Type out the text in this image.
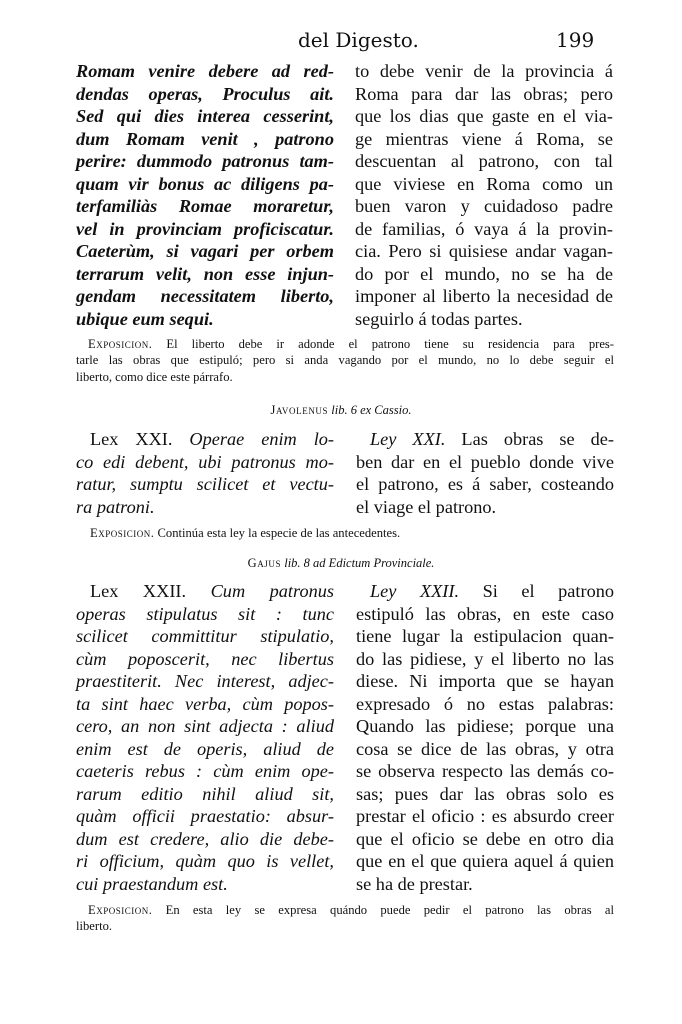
del Digesto.	199
Romam venire debere ad red-
dendas operas, Proculus ait.
Sed qui dies interea cesserint,
dum Romam venit , patrono
perire: dummodo patronus tam-
quam vir bonus ac diligens pa-
terfamiliàs Romae moraretur,
vel in provinciam proficiscatur.
Caeterùm, si vagari per orbem
terrarum velit, non esse injun-
gendam necessitatem liberto,
ubique eum sequi.
to debe venir de la provincia á
Roma para dar las obras; pero
que los dias que gaste en el via-
ge mientras viene á Roma, se
descuentan al patrono, con tal
que viviese en Roma como un
buen varon y cuidadoso padre
de familias, ó vaya á la provin-
cia. Pero si quisiese andar vagan-
do por el mundo, no se ha de
imponer al liberto la necesidad de
seguirlo á todas partes.
Exposicion. El liberto debe ir adonde el patrono tiene su residencia para pres-
tarle las obras que estipuló; pero si anda vagando por el mundo, no lo debe seguir el
liberto, como dice este párrafo.
Javolenus lib. 6 ex Cassio.
Lex XXI. Operae enim lo-
co edi debent, ubi patronus mo-
ratur, sumptu scilicet et vectu-
ra patroni.
Ley XXI. Las obras se de-
ben dar en el pueblo donde vive
el patrono, es á saber, costeando
el viage el patrono.
Exposicion. Continúa esta ley la especie de las antecedentes.
Gajus lib. 8 ad Edictum Provinciale.
Lex XXII. Cum patronus
operas stipulatus sit : tunc
scilicet committitur stipulatio,
cùm poposcerit, nec libertus
praestiterit. Nec interest, adjec-
ta sint haec verba, cùm popos-
cero, an non sint adjecta : aliud
enim est de operis, aliud de
caeteris rebus : cùm enim ope-
rarum editio nihil aliud sit,
quàm officii praestatio: absur-
dum est credere, alio die debe-
ri officium, quàm quo is vellet,
cui praestandum est.
Ley XXII. Si el patrono
estipuló las obras, en este caso
tiene lugar la estipulacion quan-
do las pidiese, y el liberto no las
diese. Ni importa que se hayan
expresado ó no estas palabras:
Quando las pidiese; porque una
cosa se dice de las obras, y otra
se observa respecto las demás co-
sas; pues dar las obras solo es
prestar el oficio : es absurdo creer
que el oficio se debe en otro dia
que en el que quiera aquel á quien
se ha de prestar.
Exposicion. En esta ley se expresa quándo puede pedir el patrono las obras al
liberto.
